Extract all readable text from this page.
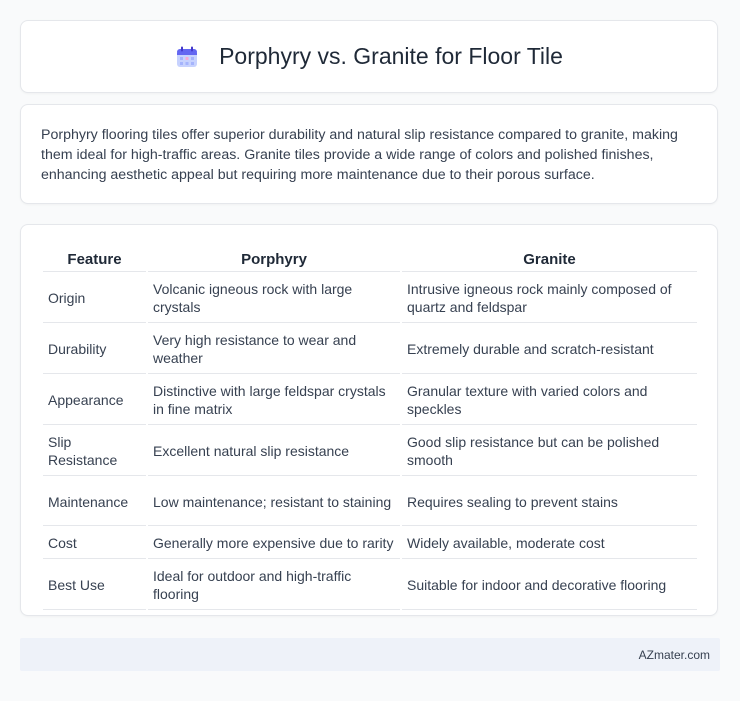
Porphyry vs. Granite for Floor Tile

Porphyry flooring tiles offer superior durability and natural slip resistance compared to granite, making them ideal for high-traffic areas. Granite tiles provide a wide range of colors and polished finishes, enhancing aesthetic appeal but requiring more maintenance due to their porous surface.

Feature	Porphyry	Granite
Origin	Volcanic igneous rock with large crystals	Intrusive igneous rock mainly composed of quartz and feldspar
Durability	Very high resistance to wear and weather	Extremely durable and scratch-resistant
Appearance	Distinctive with large feldspar crystals in fine matrix	Granular texture with varied colors and speckles
Slip Resistance	Excellent natural slip resistance	Good slip resistance but can be polished smooth
Maintenance	Low maintenance; resistant to staining	Requires sealing to prevent stains
Cost	Generally more expensive due to rarity	Widely available, moderate cost
Best Use	Ideal for outdoor and high-traffic flooring	Suitable for indoor and decorative flooring
AZmater.com
